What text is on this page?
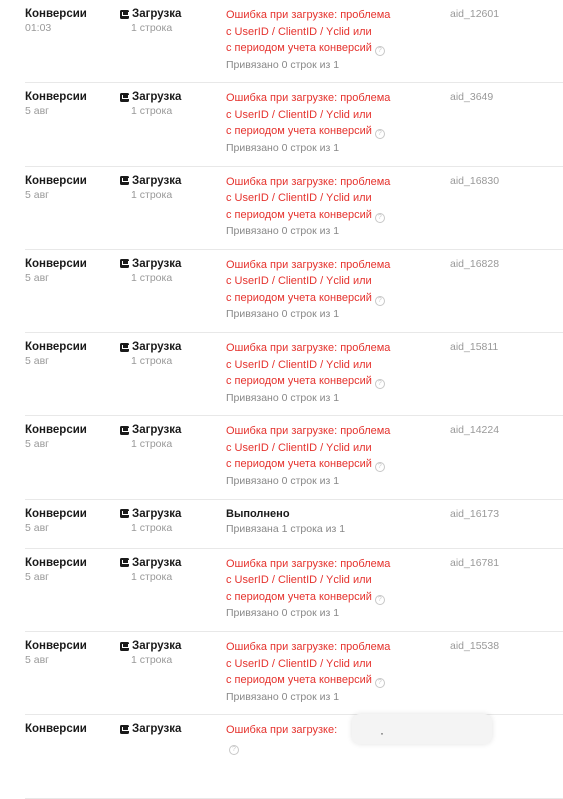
Конверсии
01:03
Загрузка
1 строка
Ошибка при загрузке: проблема
с UserID / ClientID / Yclid или
с периодом учета конверсий ?
Привязано 0 строк из 1
aid_12601
Конверсии
5 авг
Загрузка
1 строка
Ошибка при загрузке: проблема
с UserID / ClientID / Yclid или
с периодом учета конверсий ?
Привязано 0 строк из 1
aid_3649
Конверсии
5 авг
Загрузка
1 строка
Ошибка при загрузке: проблема
с UserID / ClientID / Yclid или
с периодом учета конверсий ?
Привязано 0 строк из 1
aid_16830
Конверсии
5 авг
Загрузка
1 строка
Ошибка при загрузке: проблема
с UserID / ClientID / Yclid или
с периодом учета конверсий ?
Привязано 0 строк из 1
aid_16828
Конверсии
5 авг
Загрузка
1 строка
Ошибка при загрузке: проблема
с UserID / ClientID / Yclid или
с периодом учета конверсий ?
Привязано 0 строк из 1
aid_15811
Конверсии
5 авг
Загрузка
1 строка
Ошибка при загрузке: проблема
с UserID / ClientID / Yclid или
с периодом учета конверсий ?
Привязано 0 строк из 1
aid_14224
Конверсии
5 авг
Загрузка
1 строка
Выполнено
Привязана 1 строка из 1
aid_16173
Конверсии
5 авг
Загрузка
1 строка
Ошибка при загрузке: проблема
с UserID / ClientID / Yclid или
с периодом учета конверсий ?
Привязано 0 строк из 1
aid_16781
Конверсии
5 авг
Загрузка
1 строка
Ошибка при загрузке: проблема
с UserID / ClientID / Yclid или
с периодом учета конверсий ?
Привязано 0 строк из 1
aid_15538
Конверсии	Загрузка	Ошибка при загрузке:
?
·
